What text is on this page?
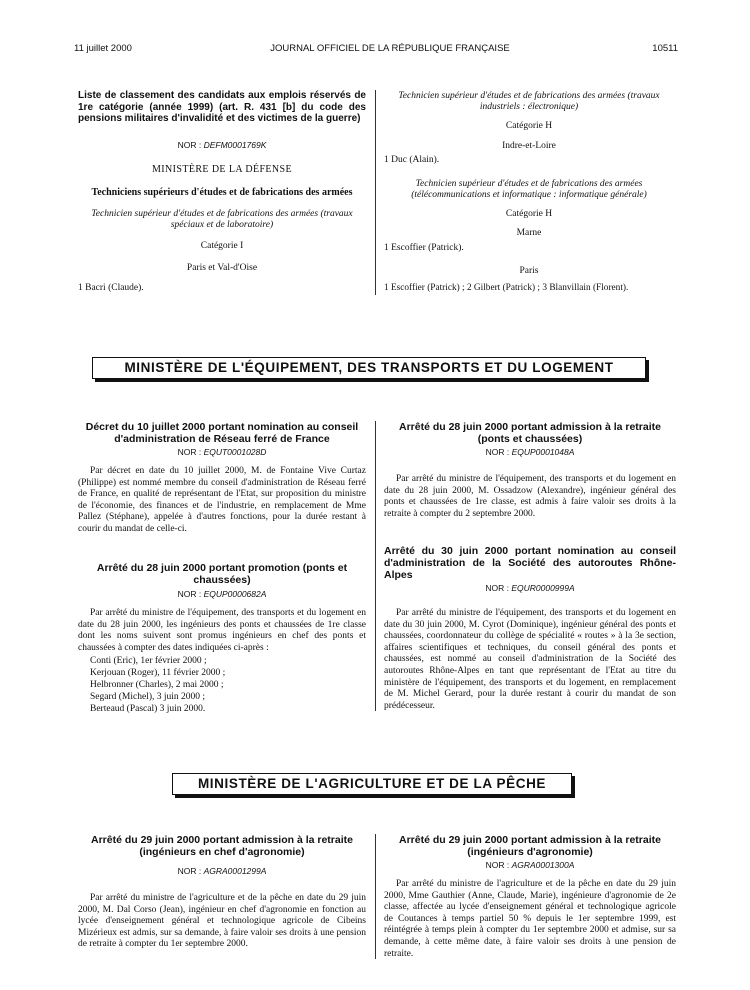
11 juillet 2000	JOURNAL OFFICIEL DE LA RÉPUBLIQUE FRANÇAISE	10511
Liste de classement des candidats aux emplois réservés de 1re catégorie (année 1999) (art. R. 431 [b] du code des pensions militaires d'invalidité et des victimes de la guerre)
NOR : DEFM0001769K
MINISTÈRE DE LA DÉFENSE
Techniciens supérieurs d'études et de fabrications des armées
Technicien supérieur d'études et de fabrications des armées (travaux spéciaux et de laboratoire)
Catégorie I
Paris et Val-d'Oise
1 Bacri (Claude).
Technicien supérieur d'études et de fabrications des armées (travaux industriels : électronique)
Catégorie H
Indre-et-Loire
1 Duc (Alain).
Technicien supérieur d'études et de fabrications des armées (télécommunications et informatique : informatique générale)
Catégorie H
Marne
1 Escoffier (Patrick).
Paris
1 Escoffier (Patrick) ; 2 Gilbert (Patrick) ; 3 Blanvillain (Florent).
MINISTÈRE DE L'ÉQUIPEMENT, DES TRANSPORTS ET DU LOGEMENT
Décret du 10 juillet 2000 portant nomination au conseil d'administration de Réseau ferré de France
NOR : EQUT0001028D
Par décret en date du 10 juillet 2000, M. de Fontaine Vive Curtaz (Philippe) est nommé membre du conseil d'administration de Réseau ferré de France, en qualité de représentant de l'Etat, sur proposition du ministre de l'économie, des finances et de l'industrie, en remplacement de Mme Pallez (Stéphane), appelée à d'autres fonctions, pour la durée restant à courir du mandat de celle-ci.
Arrêté du 28 juin 2000 portant promotion (ponts et chaussées)
NOR : EQUP0000682A
Par arrêté du ministre de l'équipement, des transports et du logement en date du 28 juin 2000, les ingénieurs des ponts et chaussées de 1re classe dont les noms suivent sont promus ingénieurs en chef des ponts et chaussées à compter des dates indiquées ci-après :
Conti (Eric), 1er février 2000 ;
Kerjouan (Roger), 11 février 2000 ;
Helbronner (Charles), 2 mai 2000 ;
Segard (Michel), 3 juin 2000 ;
Berteaud (Pascal) 3 juin 2000.
Arrêté du 28 juin 2000 portant admission à la retraite (ponts et chaussées)
NOR : EQUP0001048A
Par arrêté du ministre de l'équipement, des transports et du logement en date du 28 juin 2000, M. Ossadzow (Alexandre), ingénieur général des ponts et chaussées de 1re classe, est admis à faire valoir ses droits à la retraite à compter du 2 septembre 2000.
Arrêté du 30 juin 2000 portant nomination au conseil d'administration de la Société des autoroutes Rhône-Alpes
NOR : EQUR0000999A
Par arrêté du ministre de l'équipement, des transports et du logement en date du 30 juin 2000, M. Cyrot (Dominique), ingénieur général des ponts et chaussées, coordonnateur du collège de spécialité « routes » à la 3e section, affaires scientifiques et techniques, du conseil général des ponts et chaussées, est nommé au conseil d'administration de la Société des autoroutes Rhône-Alpes en tant que représentant de l'Etat au titre du ministère de l'équipement, des transports et du logement, en remplacement de M. Michel Gerard, pour la durée restant à courir du mandat de son prédécesseur.
MINISTÈRE DE L'AGRICULTURE ET DE LA PÊCHE
Arrêté du 29 juin 2000 portant admission à la retraite (ingénieurs en chef d'agronomie)
NOR : AGRA0001299A
Par arrêté du ministre de l'agriculture et de la pêche en date du 29 juin 2000, M. Dal Corso (Jean), ingénieur en chef d'agronomie en fonction au lycée d'enseignement général et technologique agricole de Cibeins Mizérieux est admis, sur sa demande, à faire valoir ses droits à une pension de retraite à compter du 1er septembre 2000.
Arrêté du 29 juin 2000 portant admission à la retraite (ingénieurs d'agronomie)
NOR : AGRA0001300A
Par arrêté du ministre de l'agriculture et de la pêche en date du 29 juin 2000, Mme Gauthier (Anne, Claude, Marie), ingénieure d'agronomie de 2e classe, affectée au lycée d'enseignement général et technologique agricole de Coutances à temps partiel 50 % depuis le 1er septembre 1999, est réintégrée à temps plein à compter du 1er septembre 2000 et admise, sur sa demande, à cette même date, à faire valoir ses droits à une pension de retraite.
